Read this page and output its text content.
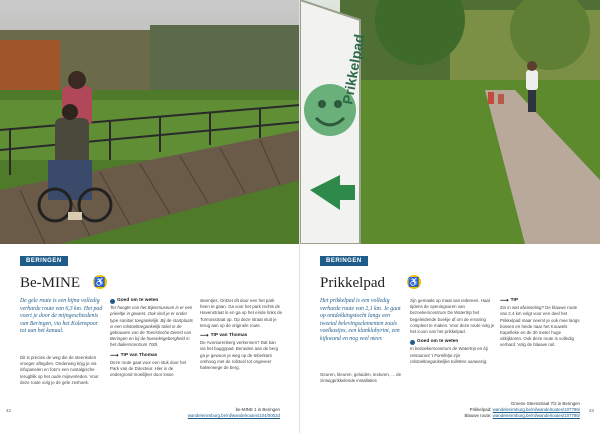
BERINGEN
Be-MINE ♿
De gele route is een bijna volledig verharde route van 6,3 km. Het pad voert je door de mijngeschiedenis van Beringen, via het Kolenspoor tot aan het kanaal.
Dit is precies de weg die de steenkolen vroeger aflegden. Onderweg krijg je via infopanelen en foto's een nostalgische terugblik op het oude mijnverleden. Voor deze route volg je de gele zeshoek.
Goed om te weten
Ter hoogte van het Bijenmuseum is er een prieeltje in gewest. Ook vind je er onder type sanitair toegankelijk. Bij de startplaats is een rolstoeltoegankelijk toilet in de gebouwen van de Toeristische Dienst van Beringen en bij de hoeveleigebergheid in het duikerscentrum 700l.
⟶ TIP van Thomas
Deze route gaat voor een stuk door het Park van de Directeur. Hier is de ondergrond moeilijker door losse
steentjes. Ontzet dit door een het park heen te gaan. Ga voor het park rechts de Havenstraat in en ga op het einde links de Tormosstraat op. Op deze straat stuit je terug aan op de originele route.
⟶ TIP van Thomas
De Avonturenberg verkennen? Dat kan via het buggypad. Beneden aan de berg ga je gewoon je weg op de Ieberkant omhoog met de rolstoel tot ongeveer halverwege de berg.
be-MINE 1 in Beringen
wandelenimburg.be/nl/wandelroutes/104/0002d
42
Prikkelpad
BERINGEN
Prikkelpad	♿
Het prikkelpad is een volledig verharde route van 2,1 km. Je gaat op ontdekkingstocht langs een tweetal belevingselementen zoals voelkastjes, een klanklabyrint, een kijkwand en nog veel meer.
Geuren, kleuren, geluiden, texturen, ... de zintuigprikkelende installaties
zijn gemaakt op maat van iedereen. Haal tijdens de openingsuren van bezoekerscentrum De Watertrip het begeleidende boekje af om de ervaring compleet te maken. Voor deze route volg je het icoon van het prikkelpad.
Goed om te weten
In bezoekerscentrum de Watertrip en bij restaurant 't Forelletje zijn rolstoeltoegankelijke toiletten aanwezig.
⟶ TIP
Zin in wat afwisseling? De blauwe route van 2,4 km volgt voor een deel het Prikkelpad maar neemt je ook mee langs bossen en heide naar het Kouwels Kapelleke en de 30 meter hoge uitkijktoren. Ook deze route is volledig verhard. Volg de blauwe ruit.
Groene Steenstraat 7/2 in Beringen
Prikkelpad: wandelenimburg.be/nl/wandelroutes/107786/
Blauwe route: wandelenimburg.be/nl/wandelroutes/107785/
43
